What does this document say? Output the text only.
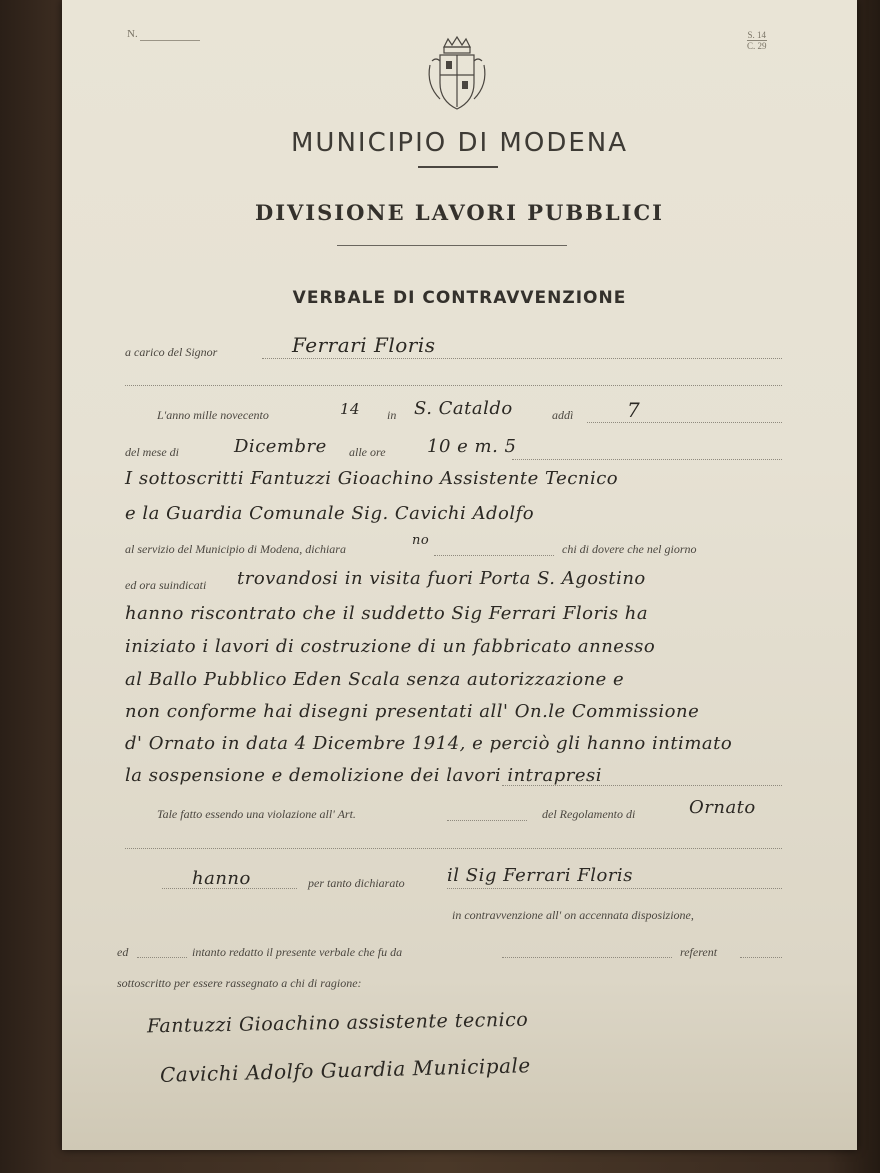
N.	S. 14
C. 29
MUNICIPIO DI MODENA
DIVISIONE LAVORI PUBBLICI
VERBALE DI CONTRAVVENZIONE
a carico del Signor	Ferrari Floris
L'anno mille novecento	14 in S. Cataldo	addì	7
del mese di	Dicembre alle ore 10 e m. 5
I sottoscritti Fantuzzi Gioachino Assistente Tecnico
e la Guardia Comunale Sig. Cavichi Adolfo
al servizio del Municipio di Modena, dichiara
no
chi di dovere che nel giorno
ed ora suindicati trovandosi in visita fuori Porta S. Agostino
hanno riscontrato che il suddetto Sig Ferrari Floris ha
iniziato i lavori di costruzione di un fabbricato annesso
al Ballo Pubblico Eden Scala senza autorizzazione e
non conforme hai disegni presentati all' On.le Commissione
d' Ornato in data 4 Dicembre 1914, e perciò gli hanno intimato
la sospensione e demolizione dei lavori intrapresi
Tale fatto essendo una violazione all' Art.	del Regolamento di	Ornato
hanno	per tanto dichiarato il Sig Ferrari Floris
in contravvenzione all' on accennata disposizione,
ed	intanto redatto il presente verbale che fu da	referent
sottoscritto per essere rassegnato a chi di ragione:
Fantuzzi Gioachino assistente tecnico
Cavichi Adolfo Guardia Municipale
